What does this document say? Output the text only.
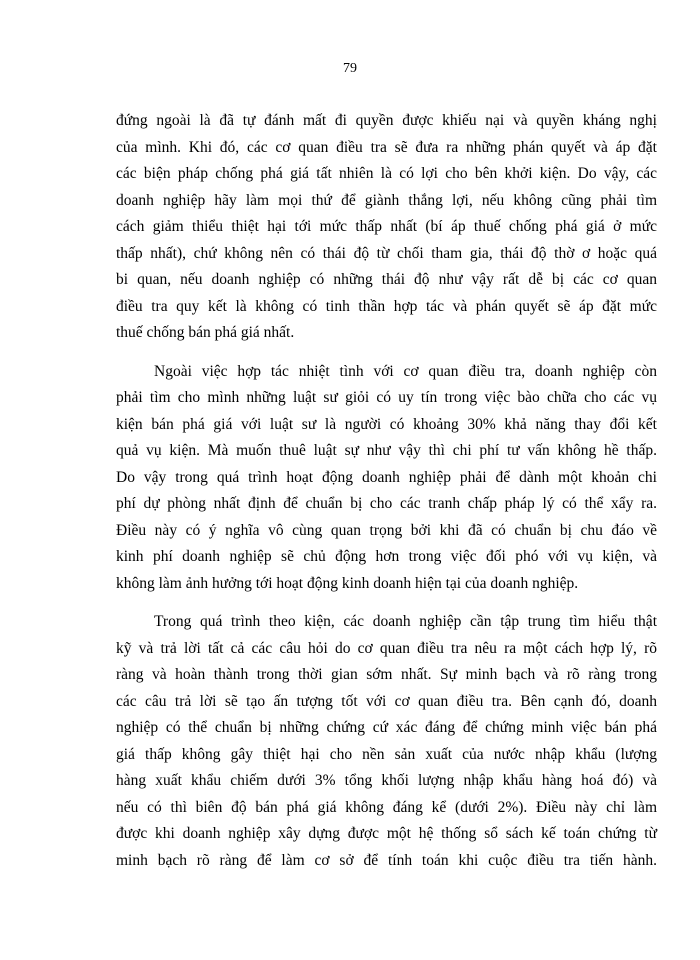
79

đứng ngoài là đã tự đánh mất đi quyền được khiếu nại và quyền kháng nghị
của mình. Khi đó, các cơ quan điều tra sẽ đưa ra những phán quyết và áp đặt
các biện pháp chống phá giá tất nhiên là có lợi cho bên khởi kiện. Do vậy, các
doanh nghiệp hãy làm mọi thứ để giành thắng lợi, nếu không cũng phải tìm
cách giảm thiểu thiệt hại tới mức thấp nhất (bí áp thuế chống phá giá ở mức
thấp nhất), chứ không nên có thái độ từ chối tham gia, thái độ thờ ơ hoặc quá
bi quan, nếu doanh nghiệp có những thái độ như vậy rất dễ bị các cơ quan
điều tra quy kết là không có tinh thần hợp tác và phán quyết sẽ áp đặt mức
thuế chống bán phá giá nhất.

Ngoài việc hợp tác nhiệt tình với cơ quan điều tra, doanh nghiệp còn
phải tìm cho mình những luật sư giỏi có uy tín trong việc bào chữa cho các vụ
kiện bán phá giá với luật sư là người có khoảng 30% khả năng thay đổi kết
quả vụ kiện. Mà muốn thuê luật sự như vậy thì chi phí tư vấn không hề thấp.
Do vậy trong quá trình hoạt động doanh nghiệp phải để dành một khoản chi
phí dự phòng nhất định để chuẩn bị cho các tranh chấp pháp lý có thể xẩy ra.
Điều này có ý nghĩa vô cùng quan trọng bởi khi đã có chuẩn bị chu đáo về
kinh phí doanh nghiệp sẽ chủ động hơn trong việc đối phó với vụ kiện, và
không làm ảnh hưởng tới hoạt động kinh doanh hiện tại của doanh nghiệp.

Trong quá trình theo kiện, các doanh nghiệp cần tập trung tìm hiểu thật
kỹ và trả lời tất cả các câu hỏi do cơ quan điều tra nêu ra một cách hợp lý, rõ
ràng và hoàn thành trong thời gian sớm nhất. Sự minh bạch và rõ ràng trong
các câu trả lời sẽ tạo ấn tượng tốt với cơ quan điều tra. Bên cạnh đó, doanh
nghiệp có thể chuẩn bị những chứng cứ xác đáng để chứng minh việc bán phá
giá thấp không gây thiệt hại cho nền sản xuất của nước nhập khẩu (lượng
hàng xuất khẩu chiếm dưới 3% tổng khối lượng nhập khẩu hàng hoá đó) và
nếu có thì biên độ bán phá giá không đáng kể (dưới 2%). Điều này chỉ làm
được khi doanh nghiệp xây dựng được một hệ thống sổ sách kế toán chứng từ
minh bạch rõ ràng để làm cơ sở để tính toán khi cuộc điều tra tiến hành.
